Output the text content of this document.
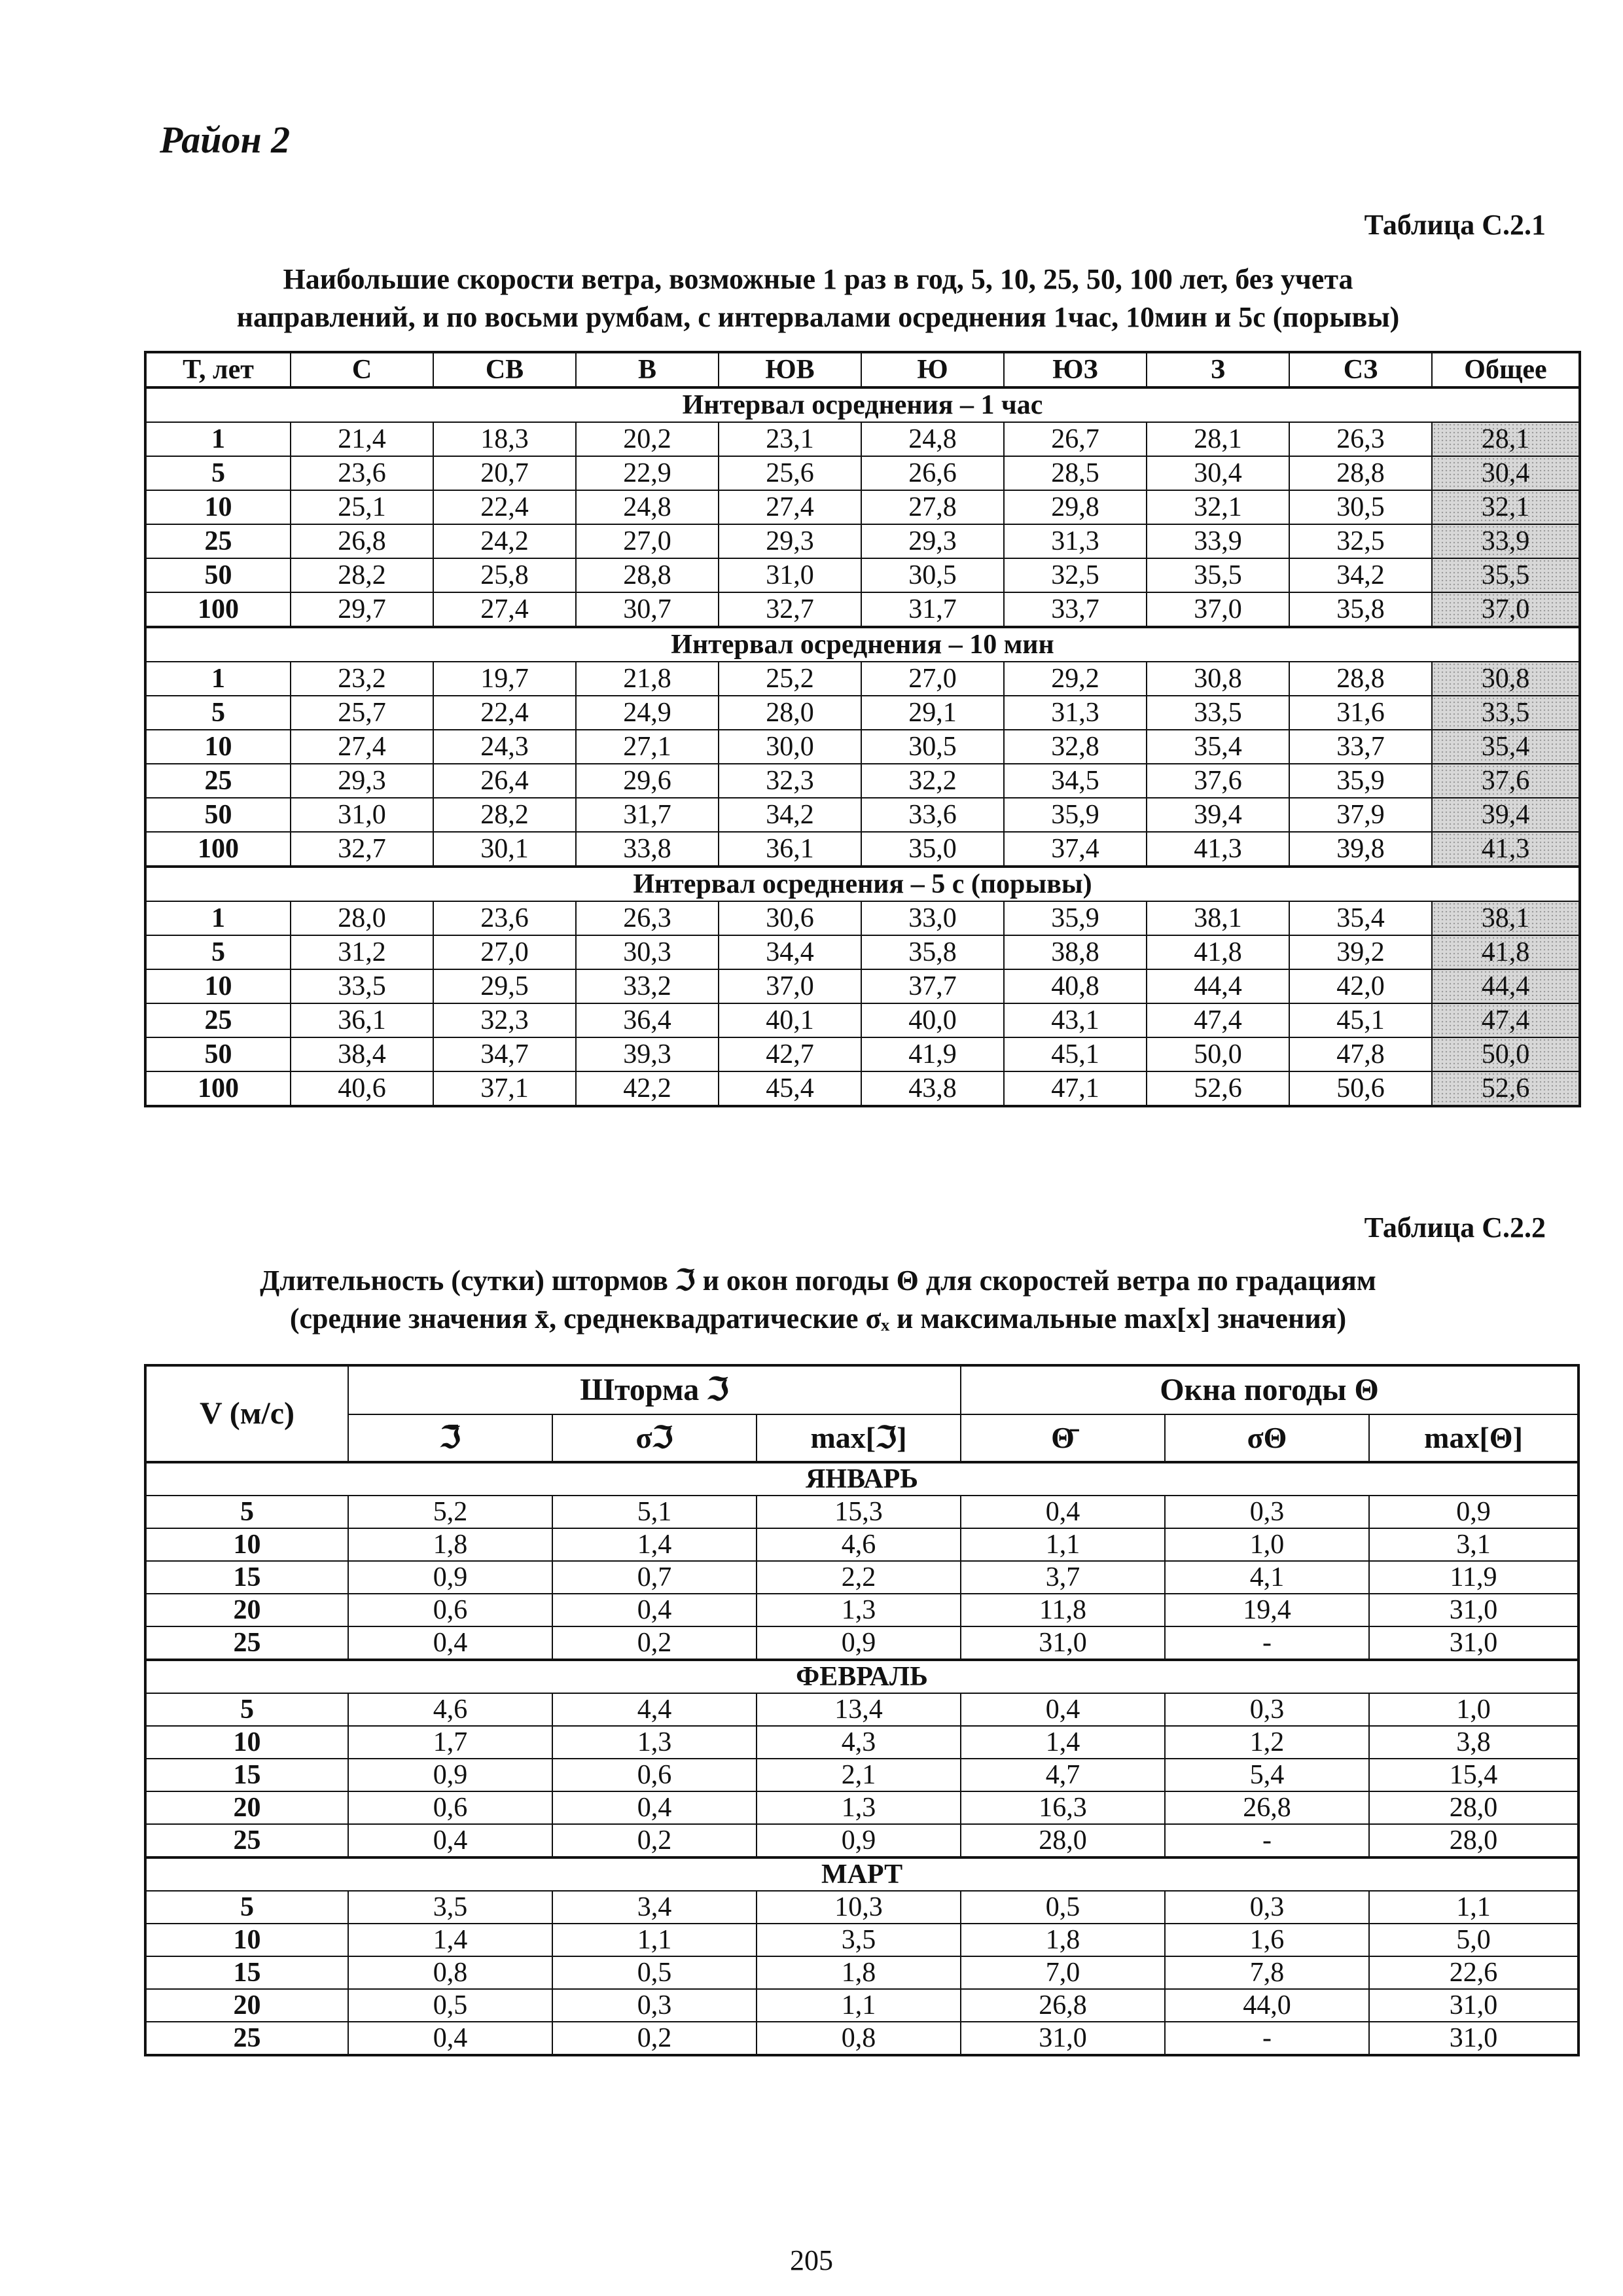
Район 2
Таблица С.2.1
Наибольшие скорости ветра, возможные 1 раз в год, 5, 10, 25, 50, 100 лет, без учета
направлений, и по восьми румбам, с интервалами осреднения 1час, 10мин и 5с (порывы)
T, лет	С	СВ	В	ЮВ	Ю	ЮЗ	З	СЗ	Общее
Интервал осреднения – 1 час									
1	21,4	18,3	20,2	23,1	24,8	26,7	28,1	26,3	28,1
5	23,6	20,7	22,9	25,6	26,6	28,5	30,4	28,8	30,4
10	25,1	22,4	24,8	27,4	27,8	29,8	32,1	30,5	32,1
25	26,8	24,2	27,0	29,3	29,3	31,3	33,9	32,5	33,9
50	28,2	25,8	28,8	31,0	30,5	32,5	35,5	34,2	35,5
100	29,7	27,4	30,7	32,7	31,7	33,7	37,0	35,8	37,0
Интервал осреднения – 10 мин									
1	23,2	19,7	21,8	25,2	27,0	29,2	30,8	28,8	30,8
5	25,7	22,4	24,9	28,0	29,1	31,3	33,5	31,6	33,5
10	27,4	24,3	27,1	30,0	30,5	32,8	35,4	33,7	35,4
25	29,3	26,4	29,6	32,3	32,2	34,5	37,6	35,9	37,6
50	31,0	28,2	31,7	34,2	33,6	35,9	39,4	37,9	39,4
100	32,7	30,1	33,8	36,1	35,0	37,4	41,3	39,8	41,3
Интервал осреднения – 5 с (порывы)									
1	28,0	23,6	26,3	30,6	33,0	35,9	38,1	35,4	38,1
5	31,2	27,0	30,3	34,4	35,8	38,8	41,8	39,2	41,8
10	33,5	29,5	33,2	37,0	37,7	40,8	44,4	42,0	44,4
25	36,1	32,3	36,4	40,1	40,0	43,1	47,4	45,1	47,4
50	38,4	34,7	39,3	42,7	41,9	45,1	50,0	47,8	50,0
100	40,6	37,1	42,2	45,4	43,8	47,1	52,6	50,6	52,6
Таблица С.2.2
Длительность (сутки) штормов ℑ и окон погоды Θ для скоростей ветра по градациям
(средние значения x̄, среднеквадратические σₓ и максимальные max[x] значения)
V (м/с)	Шторма ℑ			Окна погоды Θ		
	ℑ̄	σℑ	max[ℑ]	Θ̄	σΘ	max[Θ]
ЯНВАРЬ						
5	5,2	5,1	15,3	0,4	0,3	0,9
10	1,8	1,4	4,6	1,1	1,0	3,1
15	0,9	0,7	2,2	3,7	4,1	11,9
20	0,6	0,4	1,3	11,8	19,4	31,0
25	0,4	0,2	0,9	31,0	-	31,0
ФЕВРАЛЬ						
5	4,6	4,4	13,4	0,4	0,3	1,0
10	1,7	1,3	4,3	1,4	1,2	3,8
15	0,9	0,6	2,1	4,7	5,4	15,4
20	0,6	0,4	1,3	16,3	26,8	28,0
25	0,4	0,2	0,9	28,0	-	28,0
МАРТ						
5	3,5	3,4	10,3	0,5	0,3	1,1
10	1,4	1,1	3,5	1,8	1,6	5,0
15	0,8	0,5	1,8	7,0	7,8	22,6
20	0,5	0,3	1,1	26,8	44,0	31,0
25	0,4	0,2	0,8	31,0	-	31,0
205
